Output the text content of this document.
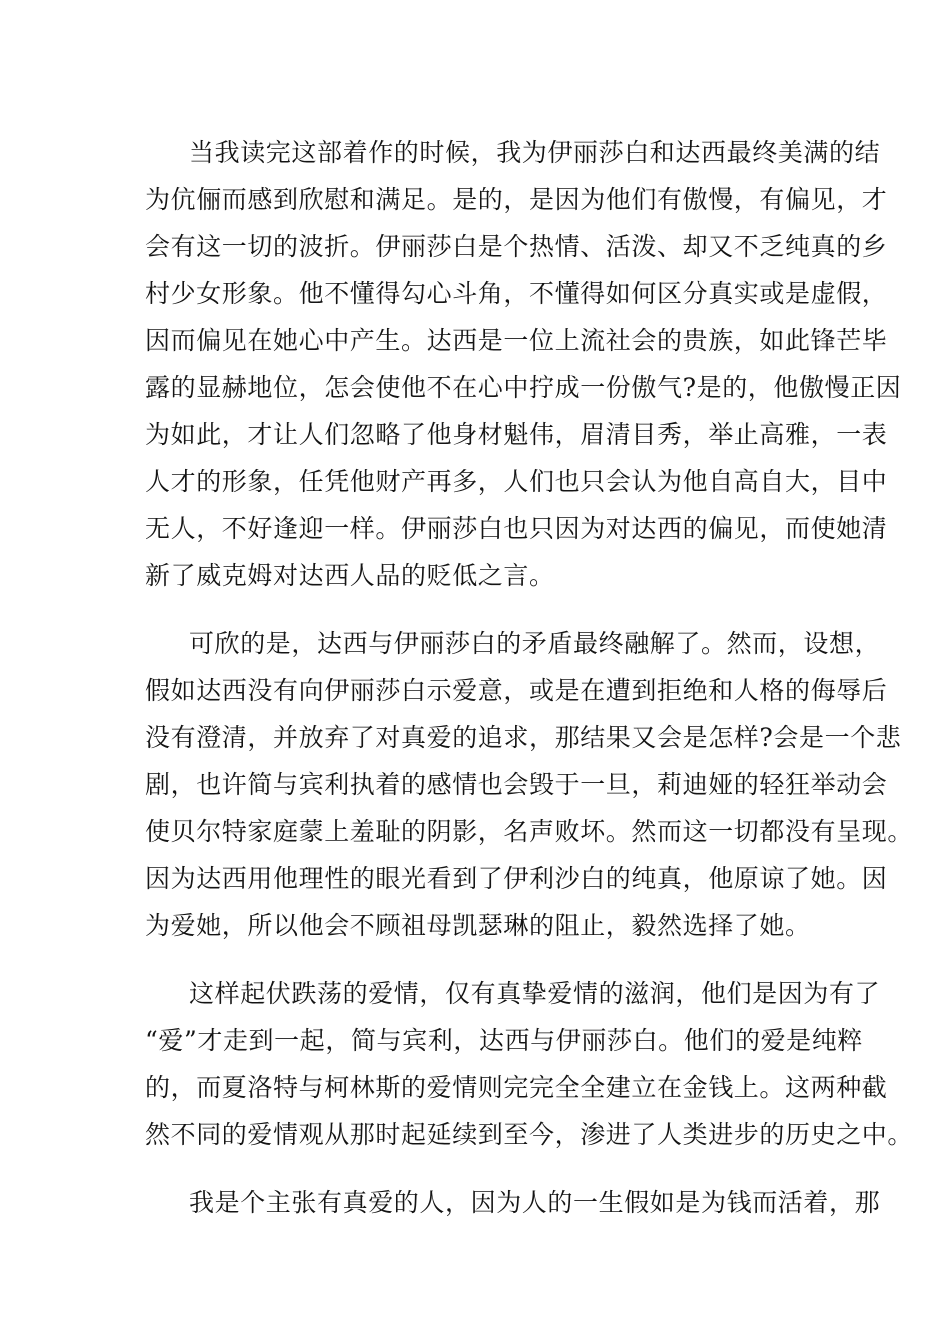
当我读完这部着作的时候，我为伊丽莎白和达西最终美满的结
为伉俪而感到欣慰和满足。是的，是因为他们有傲慢，有偏见，才
会有这一切的波折。伊丽莎白是个热情、活泼、却又不乏纯真的乡
村少女形象。他不懂得勾心斗角，不懂得如何区分真实或是虚假，
因而偏见在她心中产生。达西是一位上流社会的贵族，如此锋芒毕
露的显赫地位，怎会使他不在心中拧成一份傲气?是的，他傲慢正因
为如此，才让人们忽略了他身材魁伟，眉清目秀，举止高雅，一表
人才的形象，任凭他财产再多，人们也只会认为他自高自大，目中
无人，不好逢迎一样。伊丽莎白也只因为对达西的偏见，而使她清
新了威克姆对达西人品的贬低之言。
可欣的是，达西与伊丽莎白的矛盾最终融解了。然而，设想，
假如达西没有向伊丽莎白示爱意，或是在遭到拒绝和人格的侮辱后
没有澄清，并放弃了对真爱的追求，那结果又会是怎样?会是一个悲
剧，也许简与宾利执着的感情也会毁于一旦，莉迪娅的轻狂举动会
使贝尔特家庭蒙上羞耻的阴影，名声败坏。然而这一切都没有呈现。
因为达西用他理性的眼光看到了伊利沙白的纯真，他原谅了她。因
为爱她，所以他会不顾祖母凯瑟琳的阻止，毅然选择了她。
这样起伏跌荡的爱情，仅有真挚爱情的滋润，他们是因为有了
“爱”才走到一起，简与宾利，达西与伊丽莎白。他们的爱是纯粹
的，而夏洛特与柯林斯的爱情则完完全全建立在金钱上。这两种截
然不同的爱情观从那时起延续到至今，渗进了人类进步的历史之中。
我是个主张有真爱的人，因为人的一生假如是为钱而活着，那
